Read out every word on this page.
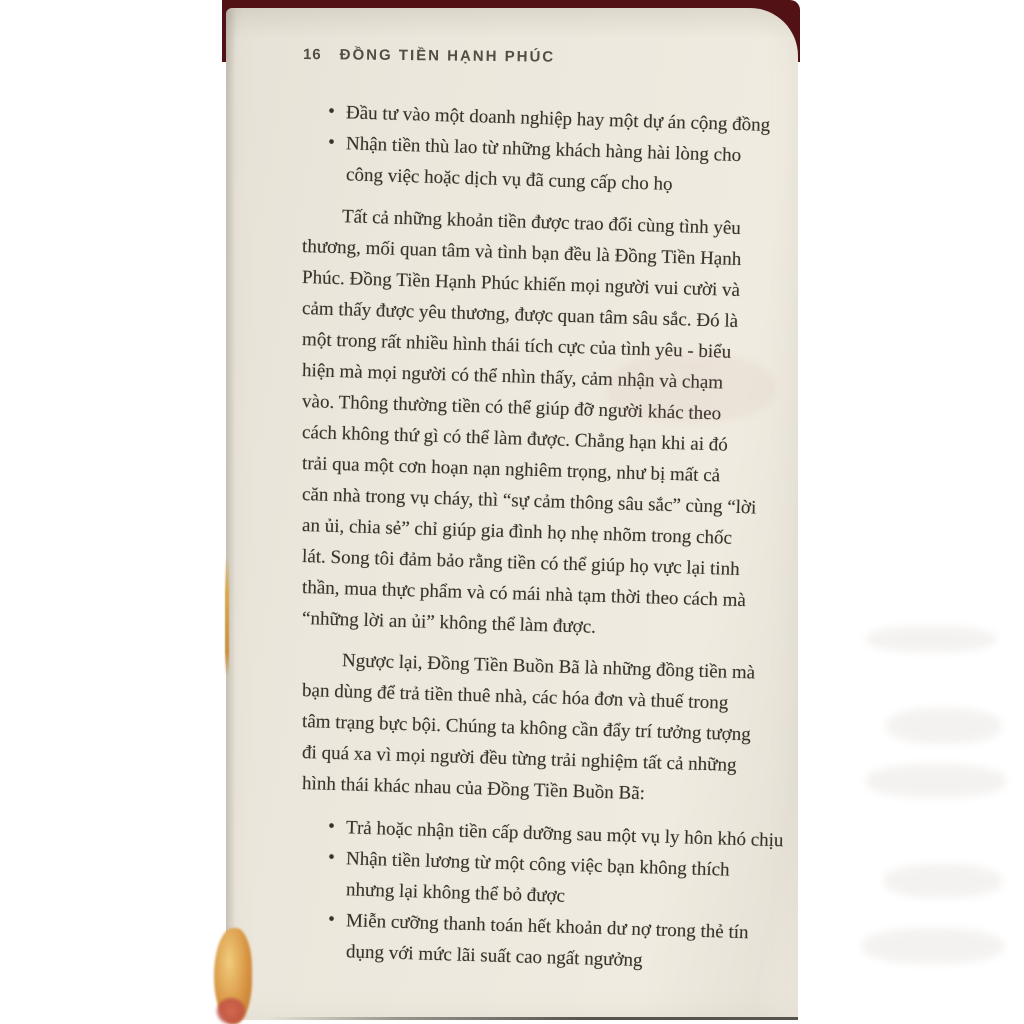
16 ĐỒNG TIỀN HẠNH PHÚC
• Đầu tư vào một doanh nghiệp hay một dự án cộng đồng
• Nhận tiền thù lao từ những khách hàng hài lòng cho
công việc hoặc dịch vụ đã cung cấp cho họ
Tất cả những khoản tiền được trao đổi cùng tình yêu
thương, mối quan tâm và tình bạn đều là Đồng Tiền Hạnh
Phúc. Đồng Tiền Hạnh Phúc khiến mọi người vui cười và
cảm thấy được yêu thương, được quan tâm sâu sắc. Đó là
một trong rất nhiều hình thái tích cực của tình yêu - biểu
hiện mà mọi người có thể nhìn thấy, cảm nhận và chạm
vào. Thông thường tiền có thể giúp đỡ người khác theo
cách không thứ gì có thể làm được. Chẳng hạn khi ai đó
trải qua một cơn hoạn nạn nghiêm trọng, như bị mất cả
căn nhà trong vụ cháy, thì “sự cảm thông sâu sắc” cùng “lời
an ủi, chia sẻ” chỉ giúp gia đình họ nhẹ nhõm trong chốc
lát. Song tôi đảm bảo rằng tiền có thể giúp họ vực lại tinh
thần, mua thực phẩm và có mái nhà tạm thời theo cách mà
“những lời an ủi” không thể làm được.
Ngược lại, Đồng Tiền Buồn Bã là những đồng tiền mà
bạn dùng để trả tiền thuê nhà, các hóa đơn và thuế trong
tâm trạng bực bội. Chúng ta không cần đẩy trí tưởng tượng
đi quá xa vì mọi người đều từng trải nghiệm tất cả những
hình thái khác nhau của Đồng Tiền Buồn Bã:
• Trả hoặc nhận tiền cấp dưỡng sau một vụ ly hôn khó chịu
• Nhận tiền lương từ một công việc bạn không thích
nhưng lại không thể bỏ được
• Miễn cưỡng thanh toán hết khoản dư nợ trong thẻ tín
dụng với mức lãi suất cao ngất ngưởng
